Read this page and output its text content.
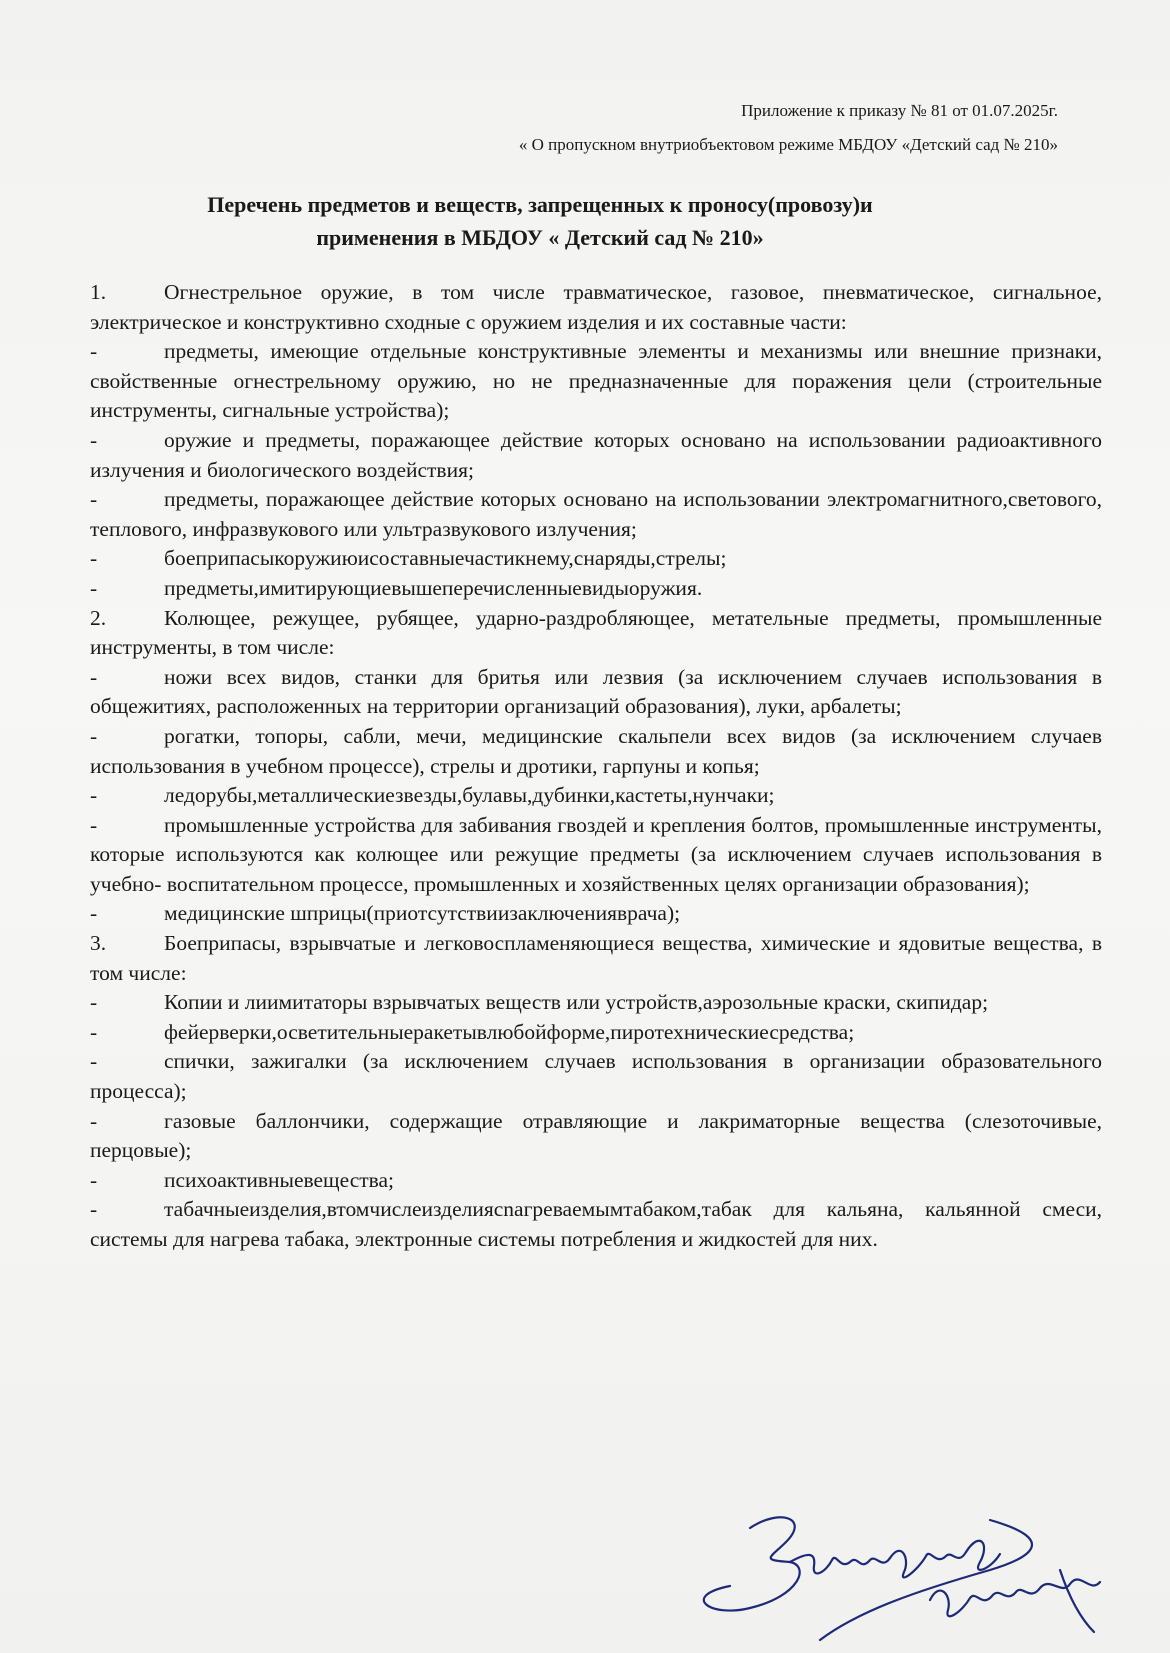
Приложение к приказу № 81 от 01.07.2025г.
« О пропускном внутриобъектовом режиме МБДОУ «Детский сад № 210»
Перечень предметов и веществ, запрещенных к проносу(провозу)и
применения в МБДОУ « Детский сад № 210»
1.	Огнестрельное оружие, в том числе травматическое, газовое, пневматическое, сигнальное, электрическое и конструктивно сходные с оружием изделия и их составные части:
-	предметы, имеющие отдельные конструктивные элементы и механизмы или внешние признаки, свойственные огнестрельному оружию, но не предназначенные для поражения цели (строительные инструменты, сигнальные устройства);
-	оружие и предметы, поражающее действие которых основано на использовании радиоактивного излучения и биологического воздействия;
-	предметы, поражающее действие которых основано на использовании электромагнитного,светового, теплового, инфразвукового или ультразвукового излучения;
-	боеприпасыкоружиюисоставныечастикнему,снаряды,стрелы;
-	предметы,имитирующиевышеперечисленныевидыоружия.
2.	Колющее, режущее, рубящее, ударно-раздробляющее, метательные предметы, промышленные инструменты, в том числе:
-	ножи всех видов, станки для бритья или лезвия (за исключением случаев использования в общежитиях, расположенных на территории организаций образования), луки, арбалеты;
-	рогатки, топоры, сабли, мечи, медицинские скальпели всех видов (за исключением случаев использования в учебном процессе), стрелы и дротики, гарпуны и копья;
-	ледорубы,металлическиезвезды,булавы,дубинки,кастеты,нунчаки;
-	промышленные устройства для забивания гвоздей и крепления болтов, промышленные инструменты, которые используются как колющее или режущие предметы (за исключением случаев использования в учебно- воспитательном процессе, промышленных и хозяйственных целях организации образования);
-	медицинские шприцы(приотсутствиизаключенияврача);
3.	Боеприпасы, взрывчатые и легковоспламеняющиеся вещества, химические и ядовитые вещества, в том числе:
-	Копии и лиимитаторы взрывчатых веществ или устройств,аэрозольные краски, скипидар;
-	фейерверки,осветительныеракетывлюбойформе,пиротехническиесредства;
-	спички, зажигалки (за исключением случаев использования в организации образовательного процесса);
-	газовые баллончики, содержащие отравляющие и лакриматорные вещества (слезоточивые, перцовые);
-	психоактивныевещества;
-	табачныеизделия,втомчислеизделиясnагреваемымтабаком,табак для кальяна, кальянной смеси, системы для нагрева табака, электронные системы потребления и жидкостей для них.
Заведующий Иринова
